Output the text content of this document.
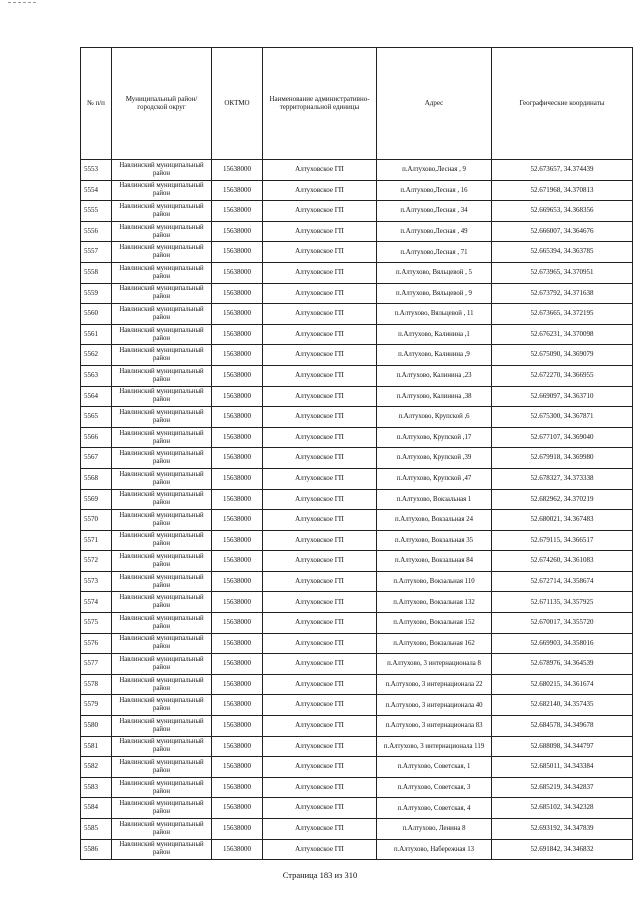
№ п/п	Муниципальный район/городской округ	ОКТМО	Наименование административно-территориальной единицы	Адрес	Географические координаты
5553	Навлинский муниципальный район	15638000	Алтуховское ГП	п.Алтухово,Лесная , 9	52.673657, 34.374439
5554	Навлинский муниципальный район	15638000	Алтуховское ГП	п.Алтухово,Лесная , 16	52.671968, 34.370813
5555	Навлинский муниципальный район	15638000	Алтуховское ГП	п.Алтухово,Лесная , 34	52.669653, 34.368356
5556	Навлинский муниципальный район	15638000	Алтуховское ГП	п.Алтухово,Лесная , 49	52.666007, 34.364676
5557	Навлинский муниципальный район	15638000	Алтуховское ГП	п.Алтухово,Лесная , 71	52.665394, 34.363785
5558	Навлинский муниципальный район	15638000	Алтуховское ГП	п.Алтухово, Вяльцевой , 5	52.673965, 34.370951
5559	Навлинский муниципальный район	15638000	Алтуховское ГП	п.Алтухово, Вяльцевой , 9	52.673792, 34.371638
5560	Навлинский муниципальный район	15638000	Алтуховское ГП	п.Алтухово, Вяльцевой , 11	52.673665, 34.372195
5561	Навлинский муниципальный район	15638000	Алтуховское ГП	п.Алтухово, Калинина ,1	52.676231, 34.370098
5562	Навлинский муниципальный район	15638000	Алтуховское ГП	п.Алтухово, Калинина ,9	52.675090, 34.369079
5563	Навлинский муниципальный район	15638000	Алтуховское ГП	п.Алтухово, Калинина ,23	52.672270, 34.366955
5564	Навлинский муниципальный район	15638000	Алтуховское ГП	п.Алтухово, Калинина ,38	52.669097, 34.363710
5565	Навлинский муниципальный район	15638000	Алтуховское ГП	п.Алтухово, Крупской ,6	52.675300, 34.367871
5566	Навлинский муниципальный район	15638000	Алтуховское ГП	п.Алтухово, Крупской ,17	52.677107, 34.369040
5567	Навлинский муниципальный район	15638000	Алтуховское ГП	п.Алтухово, Крупской ,39	52.679918, 34.369980
5568	Навлинский муниципальный район	15638000	Алтуховское ГП	п.Алтухово, Крупской ,47	52.678327, 34.373338
5569	Навлинский муниципальный район	15638000	Алтуховское ГП	п.Алтухово, Вокзальная 1	52.682962, 34.370219
5570	Навлинский муниципальный район	15638000	Алтуховское ГП	п.Алтухово, Вокзальная 24	52.680021, 34.367483
5571	Навлинский муниципальный район	15638000	Алтуховское ГП	п.Алтухово, Вокзальная 35	52.679115, 34.366517
5572	Навлинский муниципальный район	15638000	Алтуховское ГП	п.Алтухово, Вокзальная 84	52.674260, 34.361083
5573	Навлинский муниципальный район	15638000	Алтуховское ГП	п.Алтухово, Вокзальная 110	52.672714, 34.358674
5574	Навлинский муниципальный район	15638000	Алтуховское ГП	п.Алтухово, Вокзальная 132	52.671135, 34.357925
5575	Навлинский муниципальный район	15638000	Алтуховское ГП	п.Алтухово, Вокзальная 152	52.670017, 34.355720
5576	Навлинский муниципальный район	15638000	Алтуховское ГП	п.Алтухово, Вокзальная 162	52.669903, 34.358016
5577	Навлинский муниципальный район	15638000	Алтуховское ГП	п.Алтухово, 3 интернационала 8	52.678976, 34.364539
5578	Навлинский муниципальный район	15638000	Алтуховское ГП	п.Алтухово, 3 интернационала 22	52.680215, 34.361674
5579	Навлинский муниципальный район	15638000	Алтуховское ГП	п.Алтухово, 3 интернационала 40	52.682140, 34.357435
5580	Навлинский муниципальный район	15638000	Алтуховское ГП	п.Алтухово, 3 интернационала 83	52.684578, 34.349678
5581	Навлинский муниципальный район	15638000	Алтуховское ГП	п.Алтухово, 3 интернационала 119	52.688098, 34.344797
5582	Навлинский муниципальный район	15638000	Алтуховское ГП	п.Алтухово, Советская, 1	52.685011, 34.343384
5583	Навлинский муниципальный район	15638000	Алтуховское ГП	п.Алтухово, Советская, 3	52.685219, 34.342837
5584	Навлинский муниципальный район	15638000	Алтуховское ГП	п.Алтухово, Советская, 4	52.685102, 34.342328
5585	Навлинский муниципальный район	15638000	Алтуховское ГП	п.Алтухово, Ленина 8	52.693192, 34.347839
5586	Навлинский муниципальный район	15638000	Алтуховское ГП	п.Алтухово, Набережная 13	52.691842, 34.346832
Страница 183 из 310
